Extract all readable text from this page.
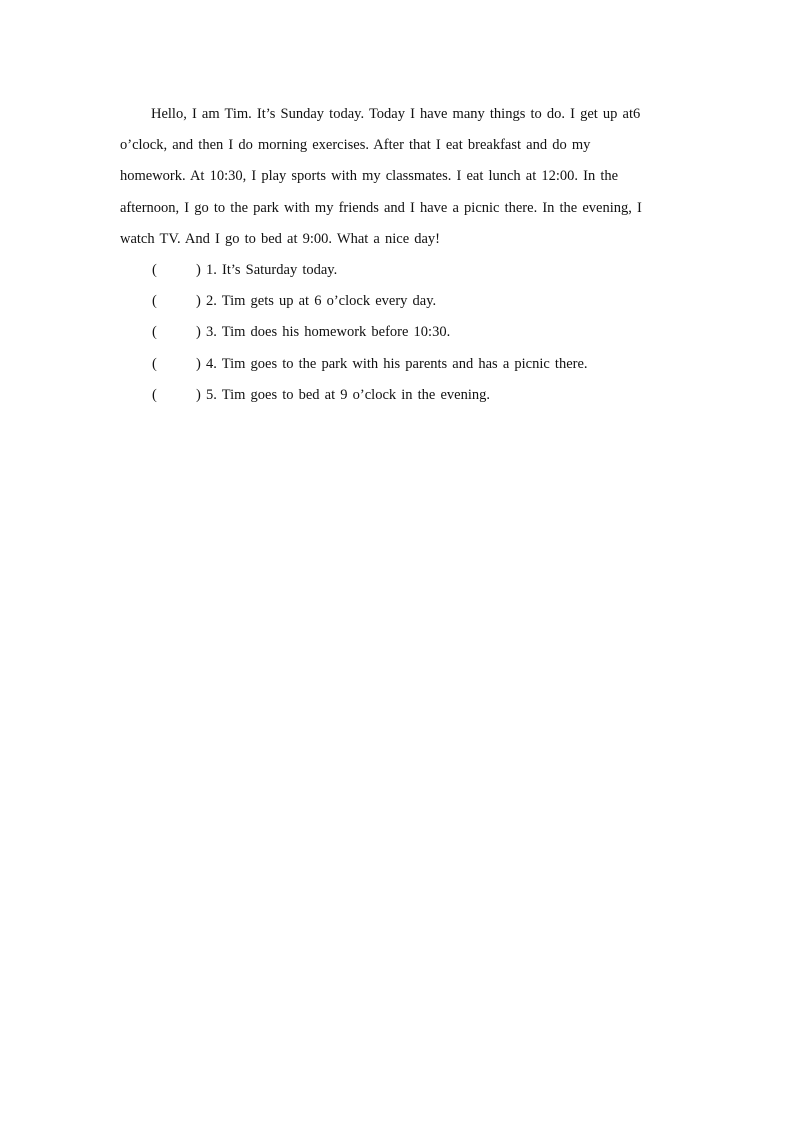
Hello, I am Tim. It’s Sunday today. Today I have many things to do. I get up at6
o’clock, and then I do morning exercises. After that I eat breakfast and do my
homework. At 10:30, I play sports with my classmates. I eat lunch at 12:00. In the
afternoon, I go to the park with my friends and I have a picnic there. In the evening, I
watch TV. And I go to bed at 9:00. What a nice day!

(	) 1. It’s Saturday today.
(	) 2. Tim gets up at 6 o’clock every day.
(	) 3. Tim does his homework before 10:30.
(	) 4. Tim goes to the park with his parents and has a picnic there.
(	) 5. Tim goes to bed at 9 o’clock in the evening.
